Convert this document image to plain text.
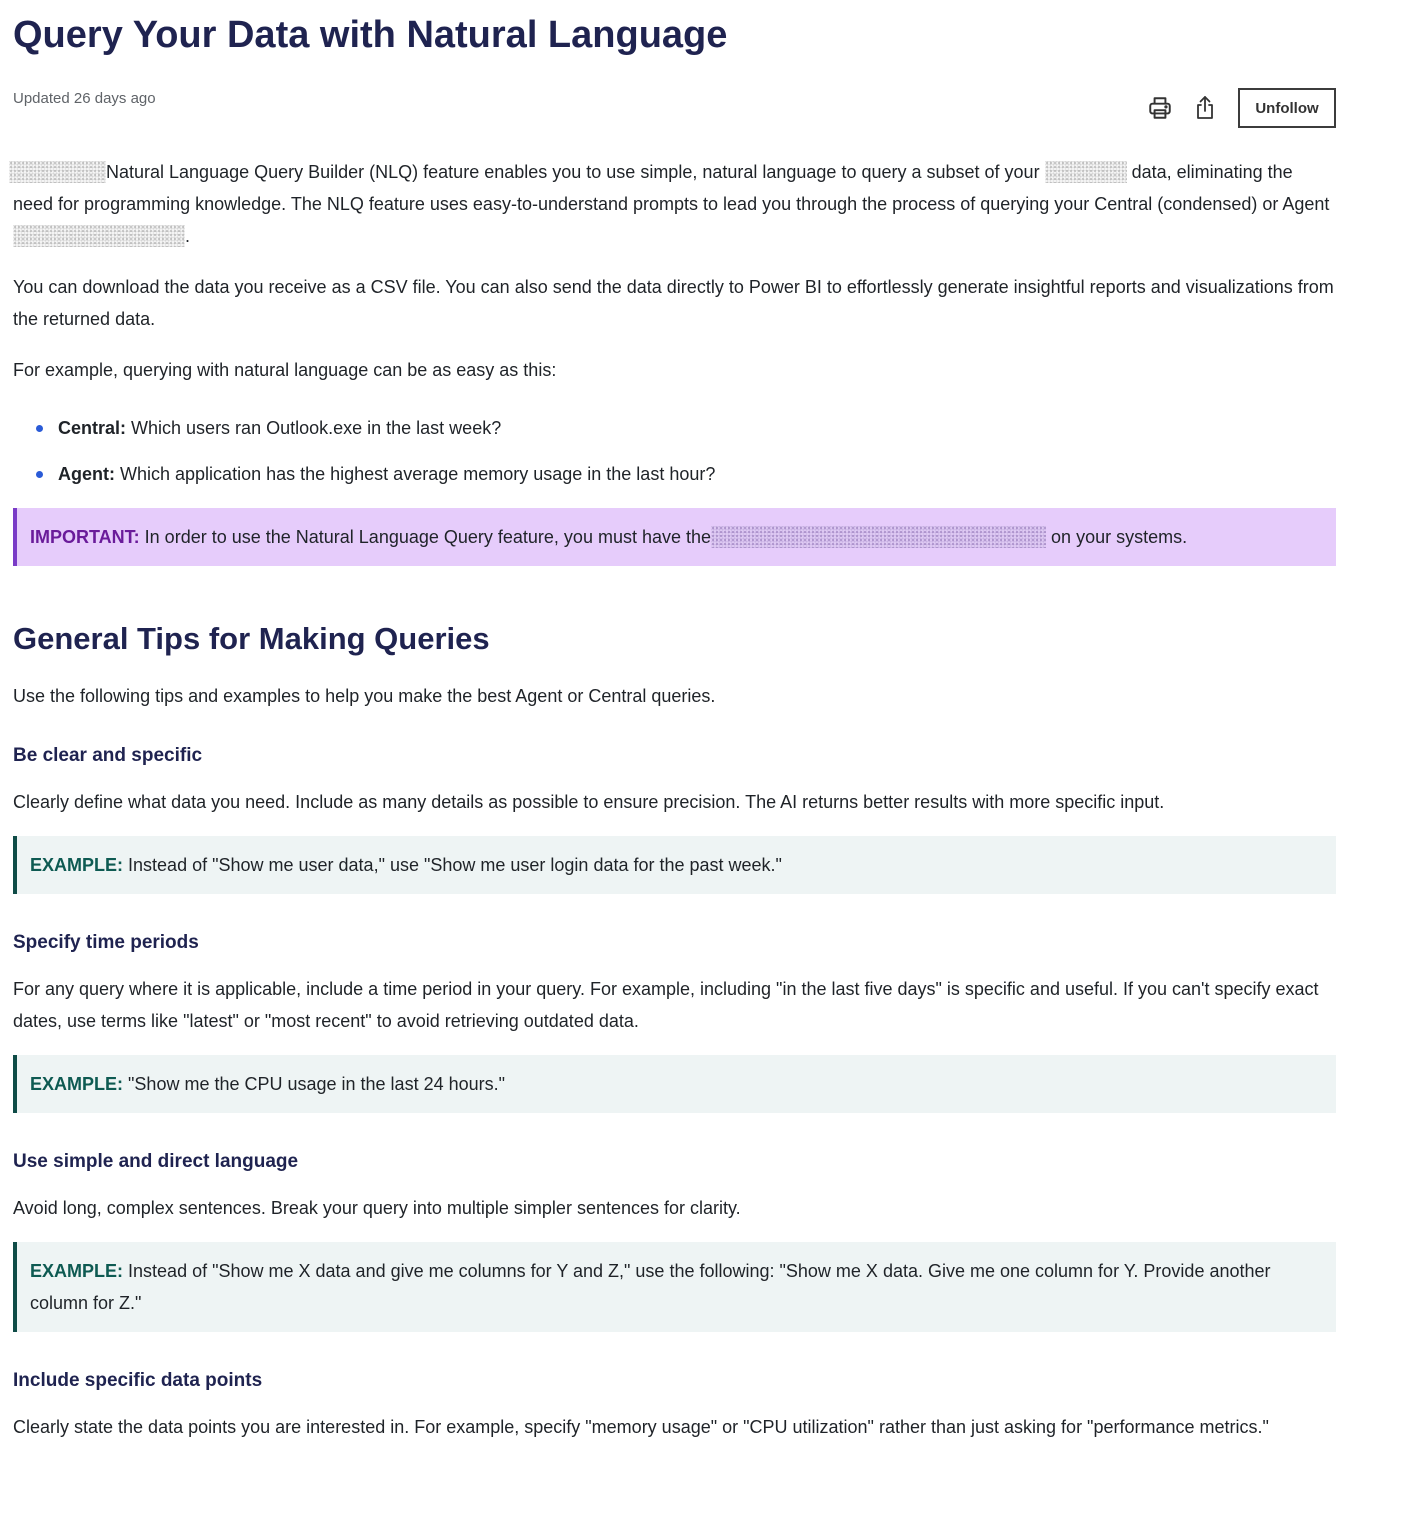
Query Your Data with Natural Language
Updated 26 days ago
Unfollow

Natural Language Query Builder (NLQ) feature enables you to use simple, natural language to query a subset of your	data, eliminating the need for programming knowledge. The NLQ feature uses easy-to-understand prompts to lead you through the process of querying your Central (condensed) or Agent .

You can download the data you receive as a CSV file. You can also send the data directly to Power BI to effortlessly generate insightful reports and visualizations from the returned data.

For example, querying with natural language can be as easy as this:

Central: Which users ran Outlook.exe in the last week?
Agent: Which application has the highest average memory usage in the last hour?
IMPORTANT: In order to use the Natural Language Query feature, you must have the	on your systems.
General Tips for Making Queries

Use the following tips and examples to help you make the best Agent or Central queries.

Be clear and specific

Clearly define what data you need. Include as many details as possible to ensure precision. The AI returns better results with more specific input.

EXAMPLE: Instead of "Show me user data," use "Show me user login data for the past week."
Specify time periods

For any query where it is applicable, include a time period in your query. For example, including "in the last five days" is specific and useful. If you can't specify exact dates, use terms like "latest" or "most recent" to avoid retrieving outdated data.

EXAMPLE: "Show me the CPU usage in the last 24 hours."
Use simple and direct language

Avoid long, complex sentences. Break your query into multiple simpler sentences for clarity.

EXAMPLE: Instead of "Show me X data and give me columns for Y and Z," use the following: "Show me X data. Give me one column for Y. Provide another column for Z."
Include specific data points

Clearly state the data points you are interested in. For example, specify "memory usage" or "CPU utilization" rather than just asking for "performance metrics."
